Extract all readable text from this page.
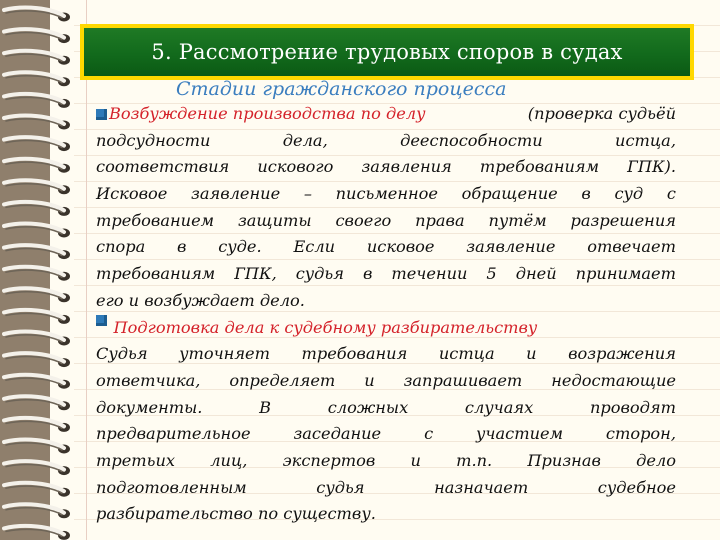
5. Рассмотрение трудовых споров в судах
Стадии гражданского процесса
Возбуждение производства по делу	(проверка судьёй
подсудности	дела,	дееспособности	истца,
соответствия искового заявления требованиям ГПК).
Исковое заявление – письменное обращение в суд с
требованием защиты своего права путём разрешения
спора в суде. Если исковое заявление отвечает
требованиям ГПК, судья в течении 5 дней принимает
его и возбуждает дело.
Подготовка дела к судебному разбирательству
Судья уточняет требования истца и возражения
ответчика, определяет и запрашивает недостающие
документы.	В	сложных	случаях	проводят
предварительное	заседание	с	участием	сторон,
третьих лиц, экспертов и т.п. Признав дело
подготовленным	судья	назначает	судебное
разбирательство по существу.
